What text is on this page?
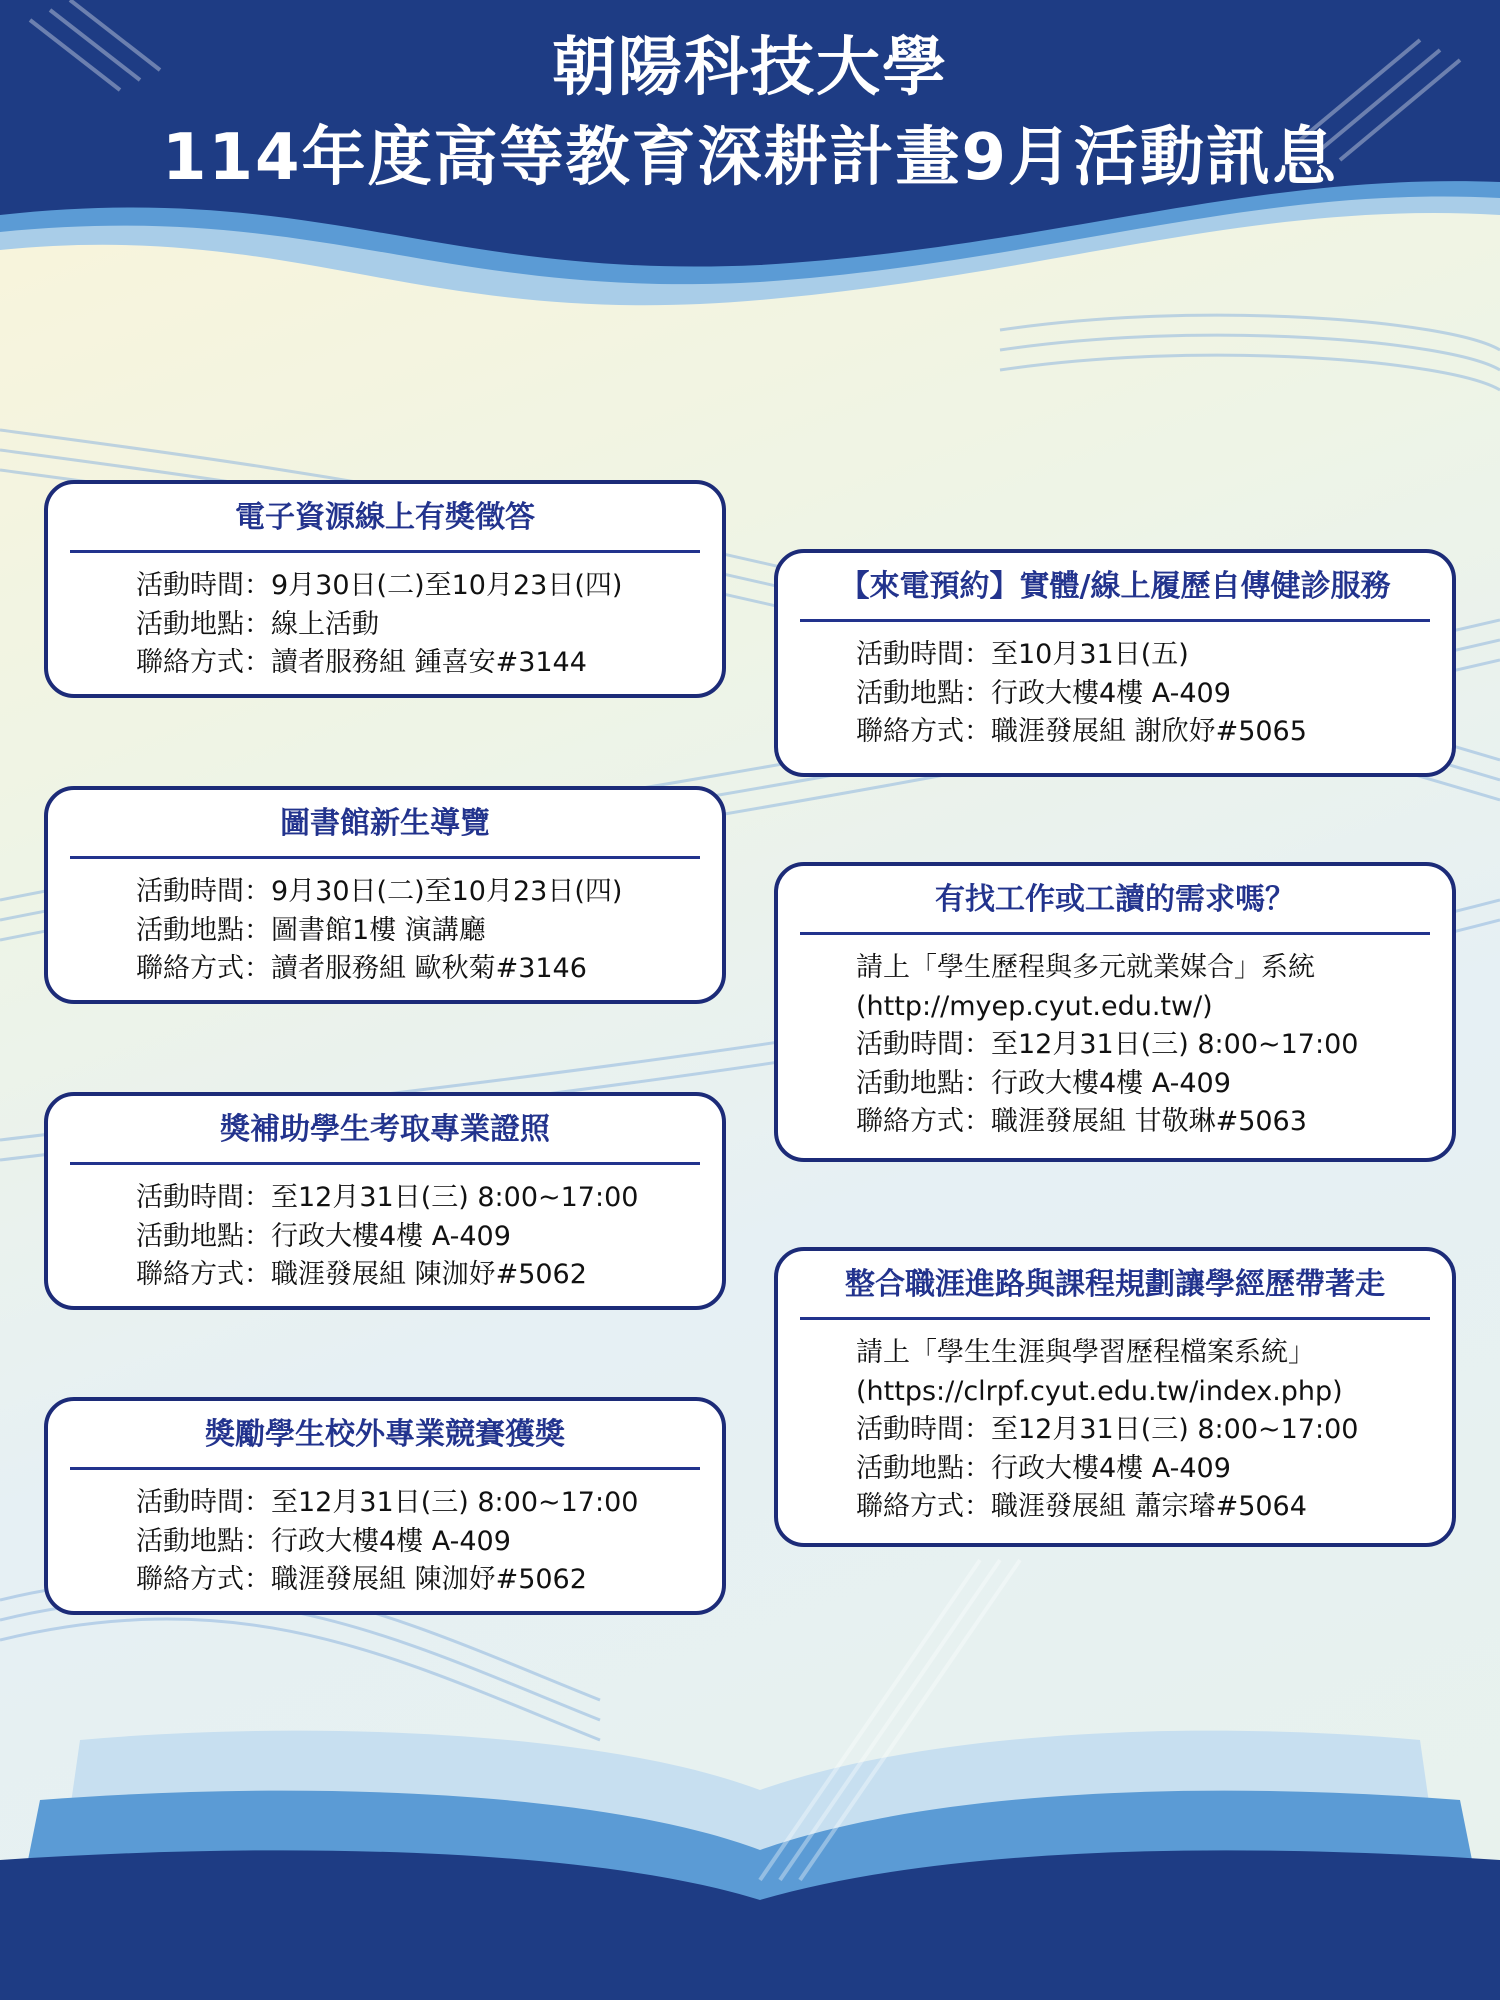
朝陽科技大學
114年度高等教育深耕計畫9月活動訊息
電子資源線上有獎徵答
活動時間：9月30日(二)至10月23日(四)
活動地點：線上活動
聯絡方式：讀者服務組 鍾喜安#3144
圖書館新生導覽
活動時間：9月30日(二)至10月23日(四)
活動地點：圖書館1樓 演講廳
聯絡方式：讀者服務組 歐秋菊#3146
獎補助學生考取專業證照
活動時間：至12月31日(三) 8:00~17:00
活動地點：行政大樓4樓 A-409
聯絡方式：職涯發展組 陳泇妤#5062
獎勵學生校外專業競賽獲獎
活動時間：至12月31日(三) 8:00~17:00
活動地點：行政大樓4樓 A-409
聯絡方式：職涯發展組 陳泇妤#5062
【來電預約】實體/線上履歷自傳健診服務
活動時間：至10月31日(五)
活動地點：行政大樓4樓 A-409
聯絡方式：職涯發展組 謝欣妤#5065
有找工作或工讀的需求嗎？
請上「學生歷程與多元就業媒合」系統
(http://myep.cyut.edu.tw/)
活動時間：至12月31日(三) 8:00~17:00
活動地點：行政大樓4樓 A-409
聯絡方式：職涯發展組 甘敬琳#5063
整合職涯進路與課程規劃讓學經歷帶著走
請上「學生生涯與學習歷程檔案系統」
(https://clrpf.cyut.edu.tw/index.php)
活動時間：至12月31日(三) 8:00~17:00
活動地點：行政大樓4樓 A-409
聯絡方式：職涯發展組 蕭宗璿#5064
